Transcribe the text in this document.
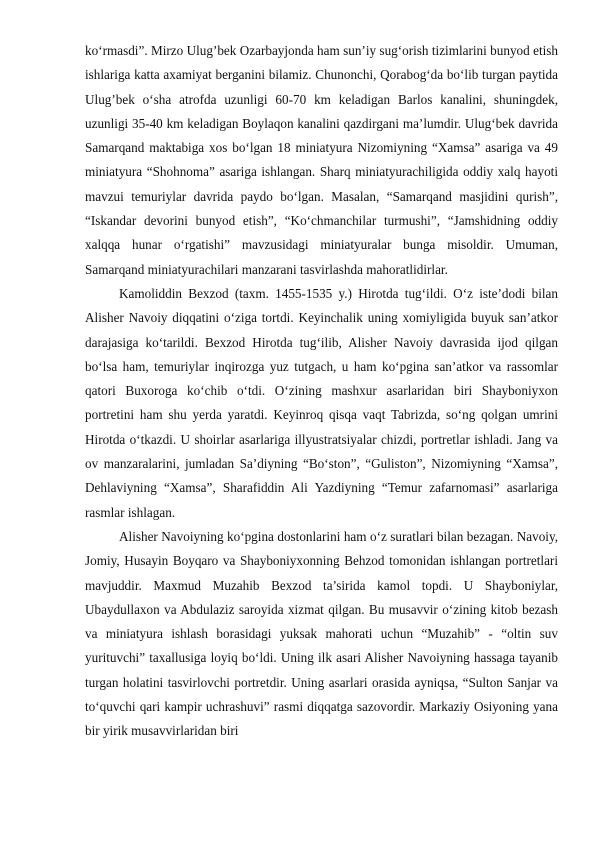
ko‘rmasdi”. Mirzo Ulug’bek Ozarbayjonda ham sun’iy sug‘orish tizimlarini bunyod etish ishlariga katta axamiyat berganini bilamiz. Chunonchi, Qorabog‘da bo‘lib turgan paytida Ulug’bek o‘sha atrofda uzunligi 60-70 km keladigan Barlos kanalini, shuningdek, uzunligi 35-40 km keladigan Boylaqon kanalini qazdirgani ma’lumdir. Ulug‘bek davrida Samarqand maktabiga xos bo‘lgan 18 miniatyura Nizomiyning “Xamsa” asariga va 49 miniatyura “Shohnoma” asariga ishlangan. Sharq miniatyurachiligida oddiy xalq hayoti mavzui temuriylar davrida paydo bo‘lgan. Masalan, “Samarqand masjidini qurish”, “Iskandar devorini bunyod etish”, “Ko‘chmanchilar turmushi”, “Jamshidning oddiy xalqqa hunar o‘rgatishi” mavzusidagi miniatyuralar bunga misoldir. Umuman, Samarqand miniatyurachilari manzarani tasvirlashda mahoratlidirlar.

Kamoliddin Bexzod (taxm. 1455-1535 y.) Hirotda tug‘ildi. O‘z iste’dodi bilan Alisher Navoiy diqqatini o‘ziga tortdi. Keyinchalik uning xomiyligida buyuk san’atkor darajasiga ko‘tarildi. Bexzod Hirotda tug‘ilib, Alisher Navoiy davrasida ijod qilgan bo‘lsa ham, temuriylar inqirozga yuz tutgach, u ham ko‘pgina san’atkor va rassomlar qatori Buxoroga ko‘chib o‘tdi. O‘zining mashxur asarlaridan biri Shayboniyxon portretini ham shu yerda yaratdi. Keyinroq qisqa vaqt Tabrizda, so‘ng qolgan umrini Hirotda o‘tkazdi. U shoirlar asarlariga illyustratsiyalar chizdi, portretlar ishladi. Jang va ov manzaralarini, jumladan Sa’diyning “Bo‘ston”, “Guliston”, Nizomiyning “Xamsa”, Dehlaviyning “Xamsa”, Sharafiddin Ali Yazdiyning “Temur zafarnomasi” asarlariga rasmlar ishlagan.

Alisher Navoiyning ko‘pgina dostonlarini ham o‘z suratlari bilan bezagan. Navoiy, Jomiy, Husayin Boyqaro va Shayboniyxonning Behzod tomonidan ishlangan portretlari mavjuddir. Maxmud Muzahib Bexzod ta’sirida kamol topdi. U Shayboniylar, Ubaydullaxon va Abdulaziz saroyida xizmat qilgan. Bu musavvir o‘zining kitob bezash va miniatyura ishlash borasidagi yuksak mahorati uchun “Muzahib” - “oltin suv yurituvchi” taxallusiga loyiq bo‘ldi. Uning ilk asari Alisher Navoiyning hassaga tayanib turgan holatini tasvirlovchi portretdir. Uning asarlari orasida ayniqsa, “Sulton Sanjar va to‘quvchi qari kampir uchrashuvi” rasmi diqqatga sazovordir. Markaziy Osiyoning yana bir yirik musavvirlaridan biri
